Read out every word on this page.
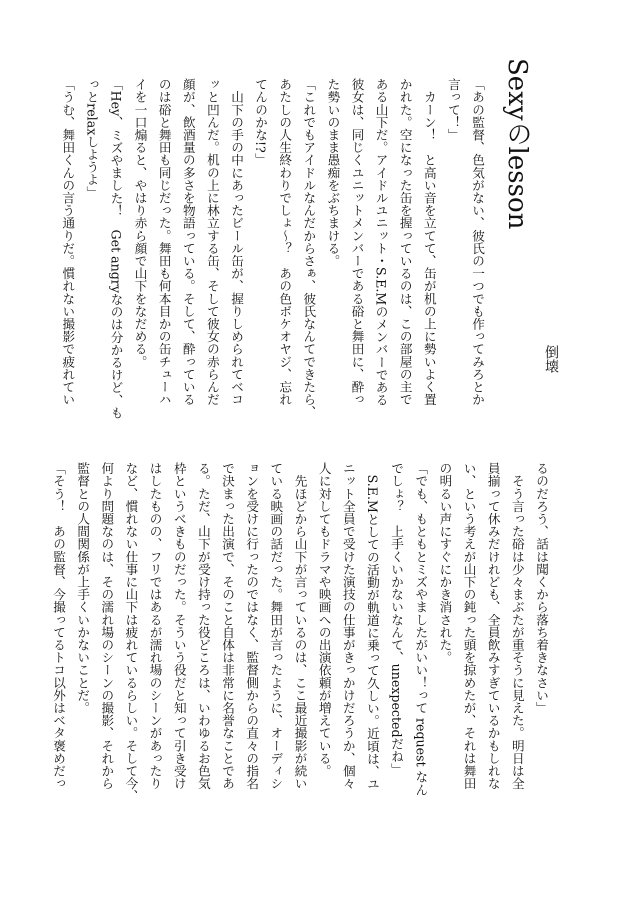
Sexyのlesson
倒壊
「あの監督、色気がない、彼氏の一つでも作ってみろとか
言って！」
　カーン！　と高い音を立てて、缶が机の上に勢いよく置
かれた。空になった缶を握っているのは、この部屋の主で
ある山下だ。アイドルユニット・S.E.Mのメンバーである
彼女は、同じくユニットメンバーである硲と舞田に、酔っ
た勢いのまま愚痴をぶちまける。
「これでもアイドルなんだからさぁ、彼氏なんてできたら、
あたしの人生終わりでしょ～？　あの色ボケオヤジ、忘れ
てんのかな!?」
　山下の手の中にあったビール缶が、握りしめられてベコ
ッと凹んだ。机の上に林立する缶、そして彼女の赤らんだ
顔が、飲酒量の多さを物語っている。そして、酔っている
のは硲と舞田も同じだった。舞田も何本目かの缶チューハ
イを一口煽ると、やはり赤ら顔で山下をなだめる。
「Hey、ミズやました！　Get angryなのは分かるけど、も
っとrelaxしようよ」
「うむ、舞田くんの言う通りだ。慣れない撮影で疲れてい
るのだろう、話は聞くから落ち着きなさい」
　そう言った硲は少々まぶたが重そうに見えた。明日は全
員揃って休みだけれども、全員飲みすぎているかもしれな
い、という考えが山下の鈍った頭を掠めたが、それは舞田
の明るい声にすぐにかき消された。
「でも、もともとミズやましたがいい！って request なん
でしょ？　上手くいかないなんて、unexpectedだね」
　S.E.Mとしての活動が軌道に乗って久しい。近頃は、ユ
ニット全員で受けた演技の仕事がきっかけだろうか、個々
人に対してもドラマや映画への出演依頼が増えている。
　先ほどから山下が言っているのは、ここ最近撮影が続い
ている映画の話だった。舞田が言ったように、オーディシ
ョンを受けに行ったのではなく、監督側からの直々の指名
で決まった出演で、そのこと自体は非常に名誉なことであ
る。ただ、山下が受け持った役どころは、いわゆるお色気
枠というべきものだった。そういう役だと知って引き受け
はしたものの、フリではあるが濡れ場のシーンがあったり
など、慣れない仕事に山下は疲れているらしい。そして今、
何より問題なのは、その濡れ場のシーンの撮影、それから
監督との人間関係が上手くいかないことだ。
「そう！　あの監督、今撮ってるトコ以外はベタ褒めだっ
